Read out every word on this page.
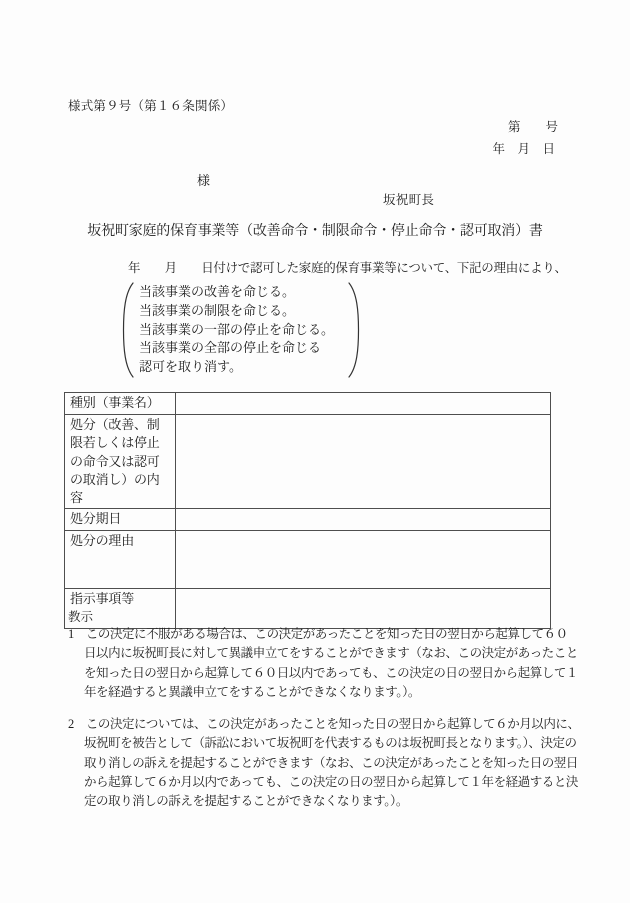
様式第９号（第１６条関係）
第　　号
年　月　日
様
坂祝町長
坂祝町家庭的保育事業等（改善命令・制限命令・停止命令・認可取消）書
年　　月　　日付けで認可した家庭的保育事業等について、下記の理由により、
当該事業の改善を命じる。
当該事業の制限を命じる。
当該事業の一部の停止を命じる。
当該事業の全部の停止を命じる
認可を取り消す。
種別（事業名）	
処分（改善、制限若しくは停止の命令又は認可の取消し）の内容	
処分期日	
処分の理由	
指示事項等	
教示
1　この決定に不服がある場合は、この決定があったことを知った日の翌日から起算して６０
日以内に坂祝町長に対して異議申立てをすることができます（なお、この決定があったこと
を知った日の翌日から起算して６０日以内であっても、この決定の日の翌日から起算して１
年を経過すると異議申立てをすることができなくなります。）。
2　この決定については、この決定があったことを知った日の翌日から起算して６か月以内に、
坂祝町を被告として（訴訟において坂祝町を代表するものは坂祝町長となります。）、決定の
取り消しの訴えを提起することができます（なお、この決定があったことを知った日の翌日
から起算して６か月以内であっても、この決定の日の翌日から起算して１年を経過すると決
定の取り消しの訴えを提起することができなくなります。）。
